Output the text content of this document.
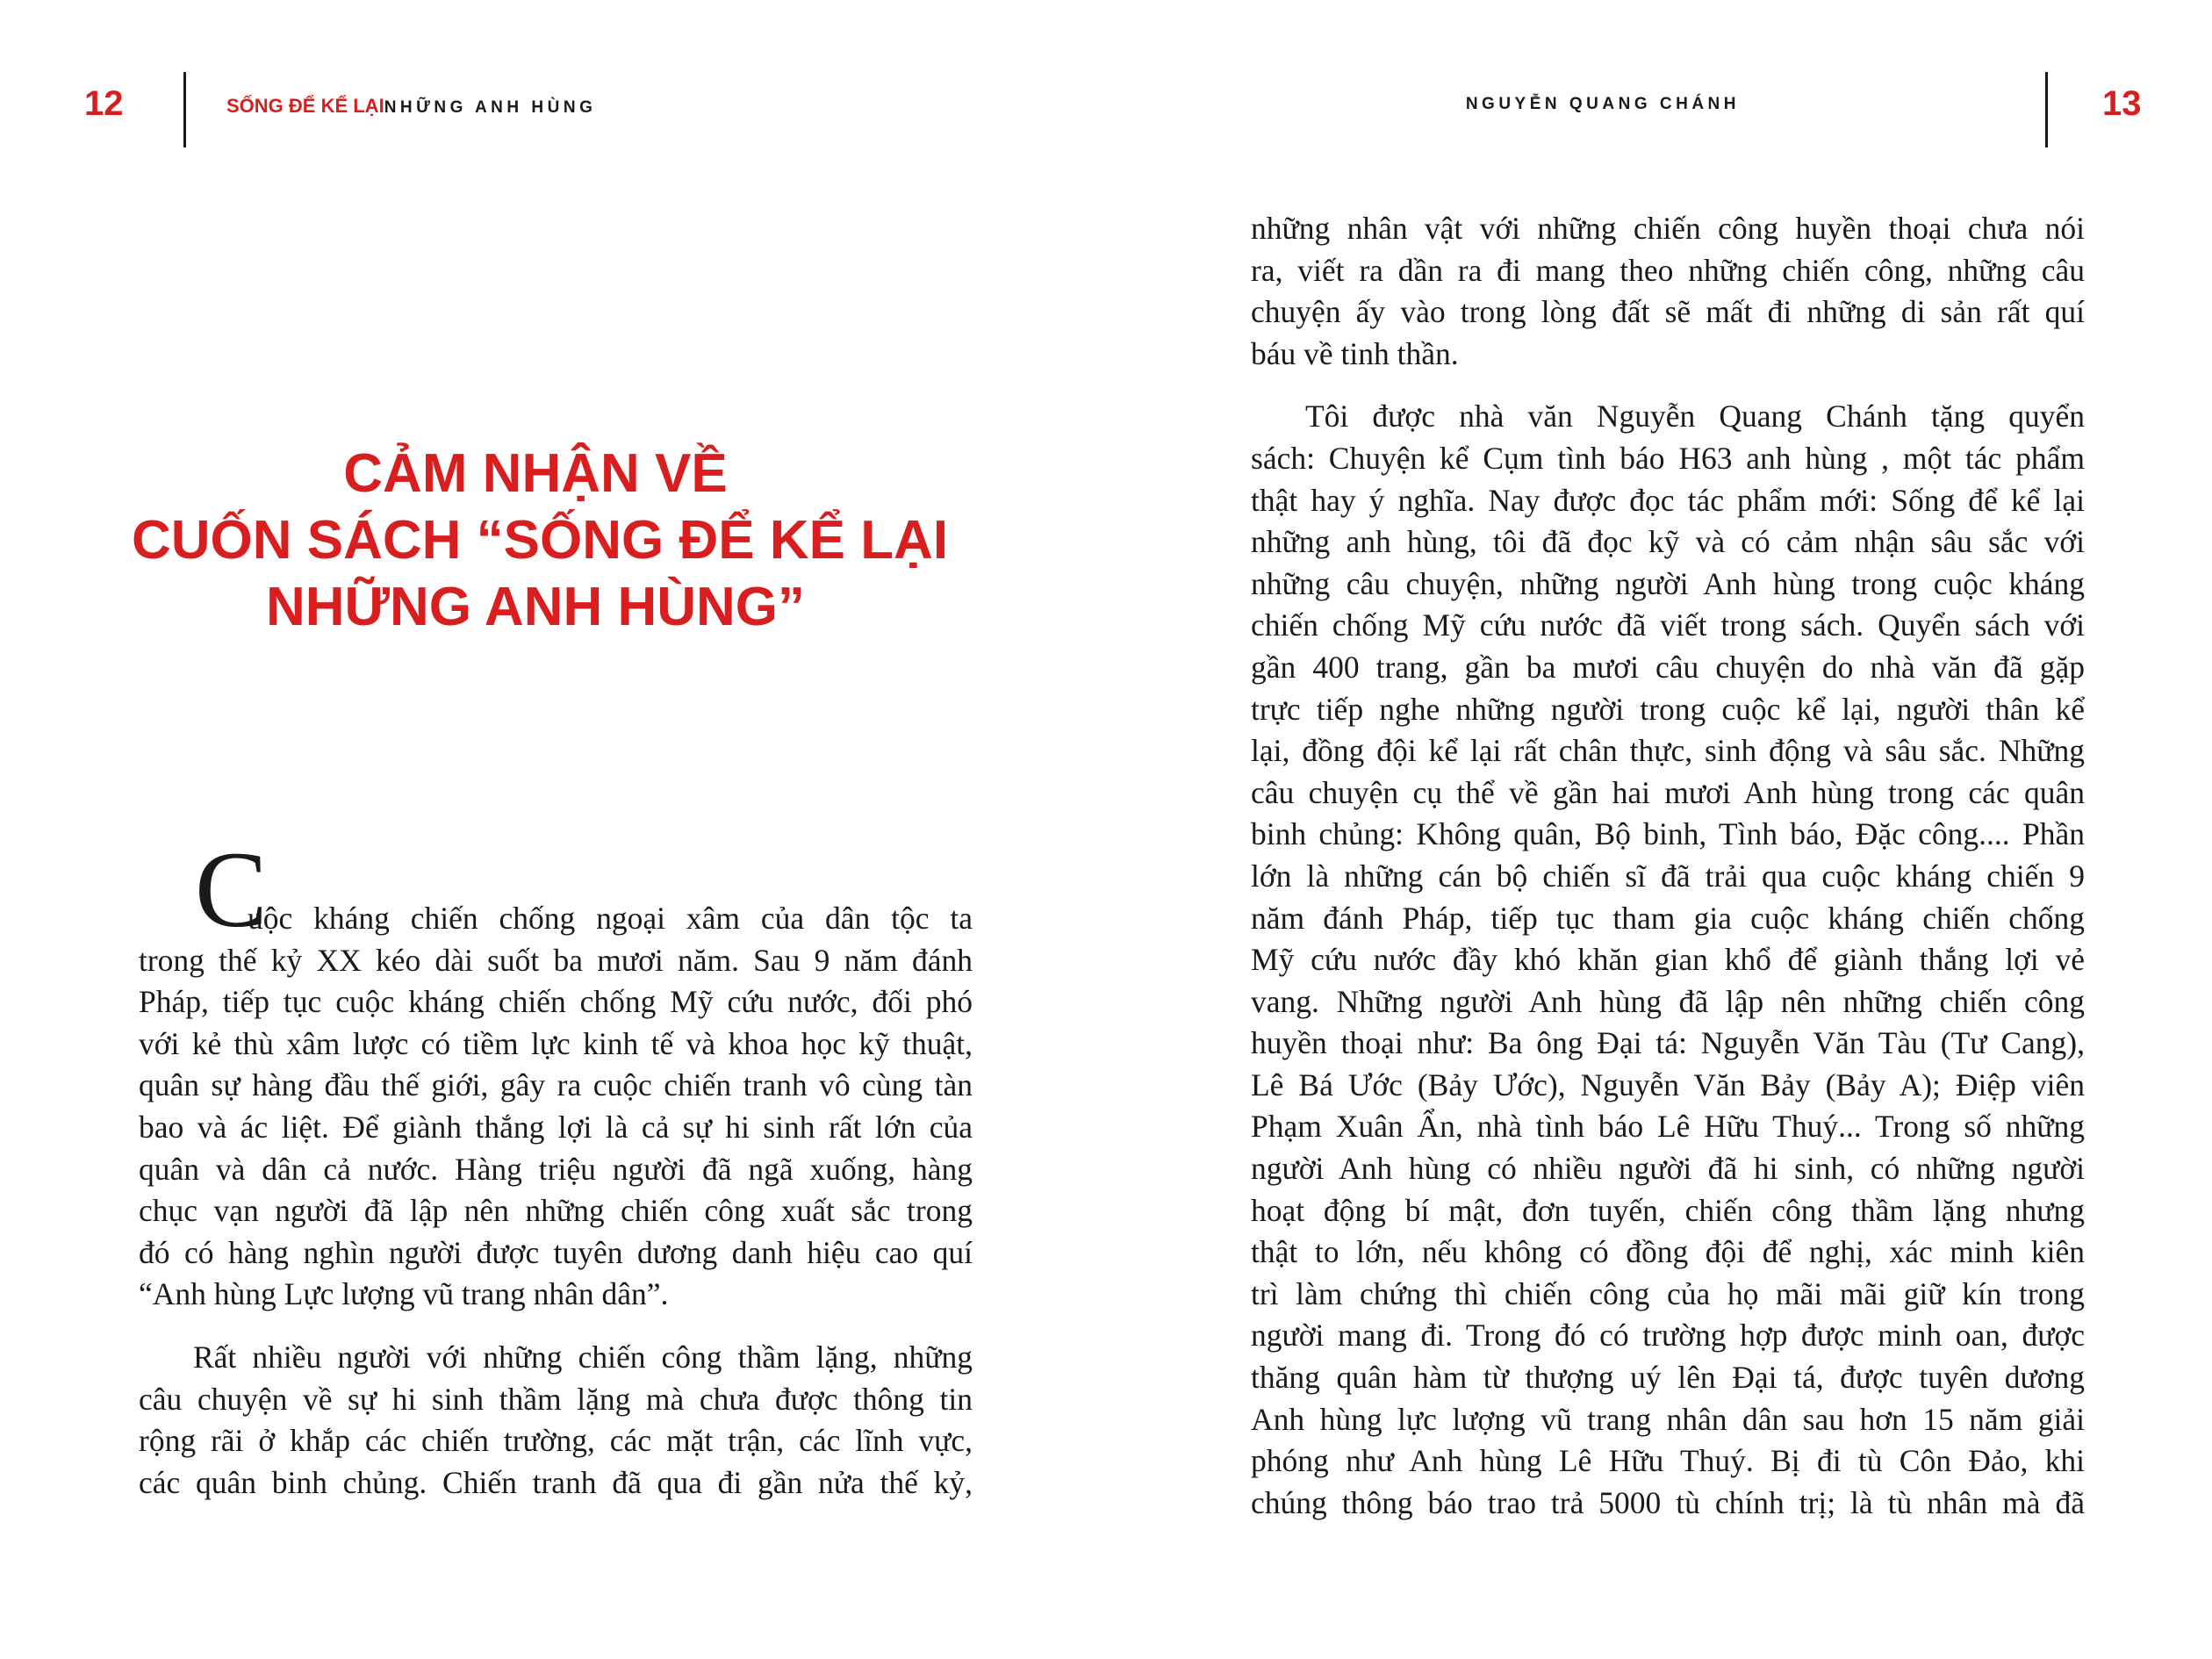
12	SỐNG ĐỂ KỂ LẠINHỮNG ANH HÙNG
CẢM NHẬN VỀ
CUỐN SÁCH “SỐNG ĐỂ KỂ LẠI
NHỮNG ANH HÙNG”
C
uộc kháng chiến chống ngoại xâm của dân tộc ta
trong thế kỷ XX kéo dài suốt ba mươi năm. Sau 9 năm đánh
Pháp, tiếp tục cuộc kháng chiến chống Mỹ cứu nước, đối phó
với kẻ thù xâm lược có tiềm lực kinh tế và khoa học kỹ thuật,
quân sự hàng đầu thế giới, gây ra cuộc chiến tranh vô cùng tàn
bao và ác liệt. Để giành thắng lợi là cả sự hi sinh rất lớn của
quân và dân cả nước. Hàng triệu người đã ngã xuống, hàng
chục vạn người đã lập nên những chiến công xuất sắc trong
đó có hàng nghìn người được tuyên dương danh hiệu cao quí
“Anh hùng Lực lượng vũ trang nhân dân”.
Rất nhiều người với những chiến công thầm lặng, những
câu chuyện về sự hi sinh thầm lặng mà chưa được thông tin
rộng rãi ở khắp các chiến trường, các mặt trận, các lĩnh vực,
các quân binh chủng. Chiến tranh đã qua đi gần nửa thế kỷ,
NGUYỄN QUANG CHÁNH	13
những nhân vật với những chiến công huyền thoại chưa nói
ra, viết ra dần ra đi mang theo những chiến công, những câu
chuyện ấy vào trong lòng đất sẽ mất đi những di sản rất quí
báu về tinh thần.
Tôi được nhà văn Nguyễn Quang Chánh tặng quyển
sách: Chuyện kể Cụm tình báo H63 anh hùng , một tác phẩm
thật hay ý nghĩa. Nay được đọc tác phẩm mới: Sống để kể lại
những anh hùng, tôi đã đọc kỹ và có cảm nhận sâu sắc với
những câu chuyện, những người Anh hùng trong cuộc kháng
chiến chống Mỹ cứu nước đã viết trong sách. Quyển sách với
gần 400 trang, gần ba mươi câu chuyện do nhà văn đã gặp
trực tiếp nghe những người trong cuộc kể lại, người thân kể
lại, đồng đội kể lại rất chân thực, sinh động và sâu sắc. Những
câu chuyện cụ thể về gần hai mươi Anh hùng trong các quân
binh chủng: Không quân, Bộ binh, Tình báo, Đặc công.... Phần
lớn là những cán bộ chiến sĩ đã trải qua cuộc kháng chiến 9
năm đánh Pháp, tiếp tục tham gia cuộc kháng chiến chống
Mỹ cứu nước đầy khó khăn gian khổ để giành thắng lợi vẻ
vang. Những người Anh hùng đã lập nên những chiến công
huyền thoại như: Ba ông Đại tá: Nguyễn Văn Tàu (Tư Cang),
Lê Bá Ước (Bảy Ước), Nguyễn Văn Bảy (Bảy A); Điệp viên
Phạm Xuân Ẩn, nhà tình báo Lê Hữu Thuý... Trong số những
người Anh hùng có nhiều người đã hi sinh, có những người
hoạt động bí mật, đơn tuyến, chiến công thầm lặng nhưng
thật to lớn, nếu không có đồng đội để nghị, xác minh kiên
trì làm chứng thì chiến công của họ mãi mãi giữ kín trong
người mang đi. Trong đó có trường hợp được minh oan, được
thăng quân hàm từ thượng uý lên Đại tá, được tuyên dương
Anh hùng lực lượng vũ trang nhân dân sau hơn 15 năm giải
phóng như Anh hùng Lê Hữu Thuý. Bị đi tù Côn Đảo, khi
chúng thông báo trao trả 5000 tù chính trị; là tù nhân mà đã
